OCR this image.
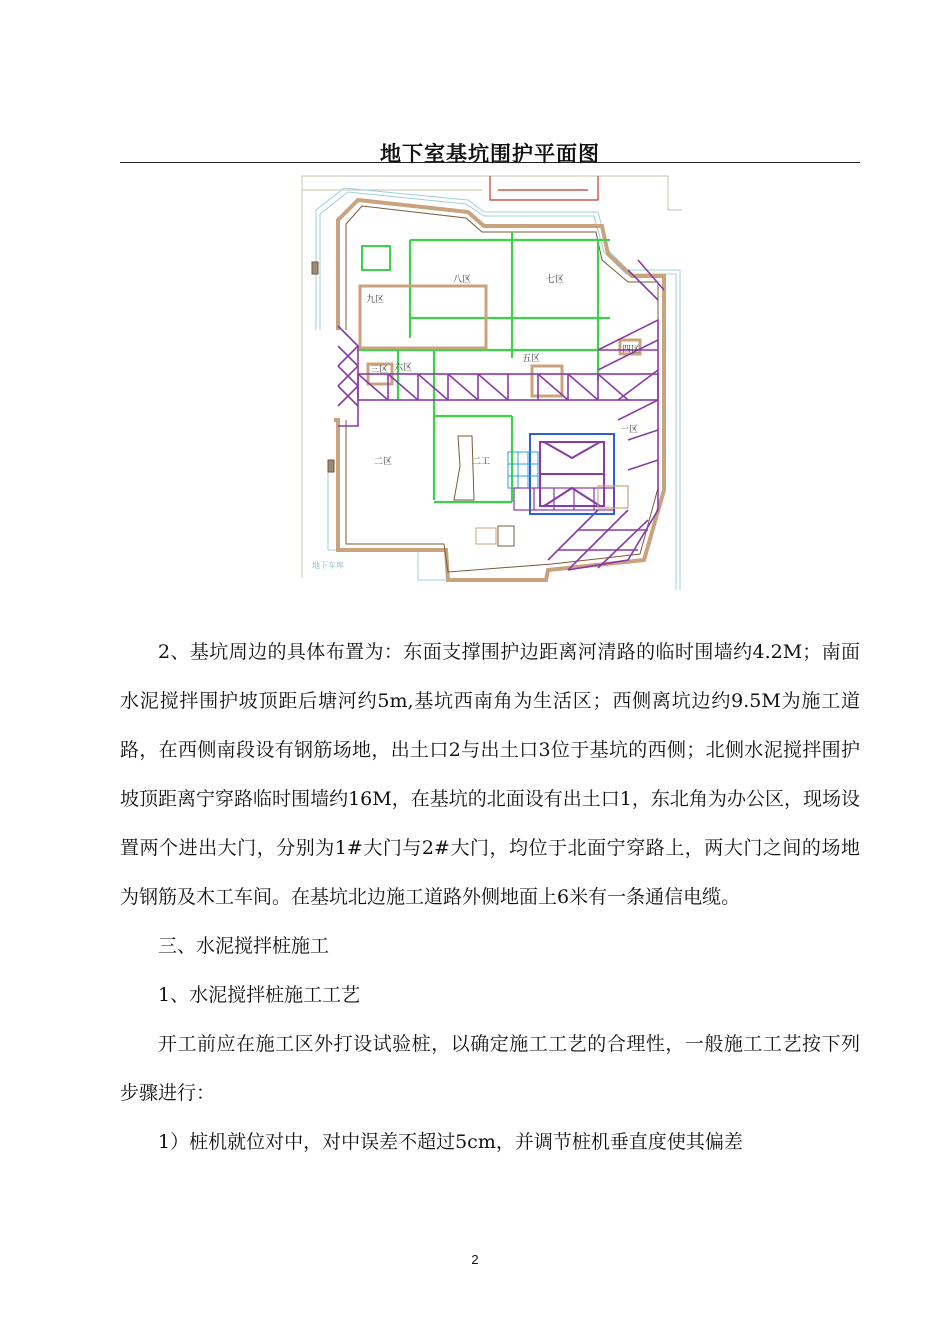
地下室基坑围护平面图
九区
八区	七区
六区
五区
二区
一区
四区
三区
二工
地下车库

2、基坑周边的具体布置为：东面支撑围护边距离河清路的临时围墙约4.2M；南面水泥搅拌围护坡顶距后塘河约5m,基坑西南角为生活区；西侧离坑边约9.5M为施工道路，在西侧南段设有钢筋场地，出土口2与出土口3位于基坑的西侧；北侧水泥搅拌围护坡顶距离宁穿路临时围墙约16M，在基坑的北面设有出土口1，东北角为办公区，现场设置两个进出大门，分别为1#大门与2#大门，均位于北面宁穿路上，两大门之间的场地为钢筋及木工车间。在基坑北边施工道路外侧地面上6米有一条通信电缆。

三、水泥搅拌桩施工

1、水泥搅拌桩施工工艺

开工前应在施工区外打设试验桩，以确定施工工艺的合理性，一般施工工艺按下列步骤进行：

1）桩机就位对中，对中误差不超过5cm，并调节桩机垂直度使其偏差

2
